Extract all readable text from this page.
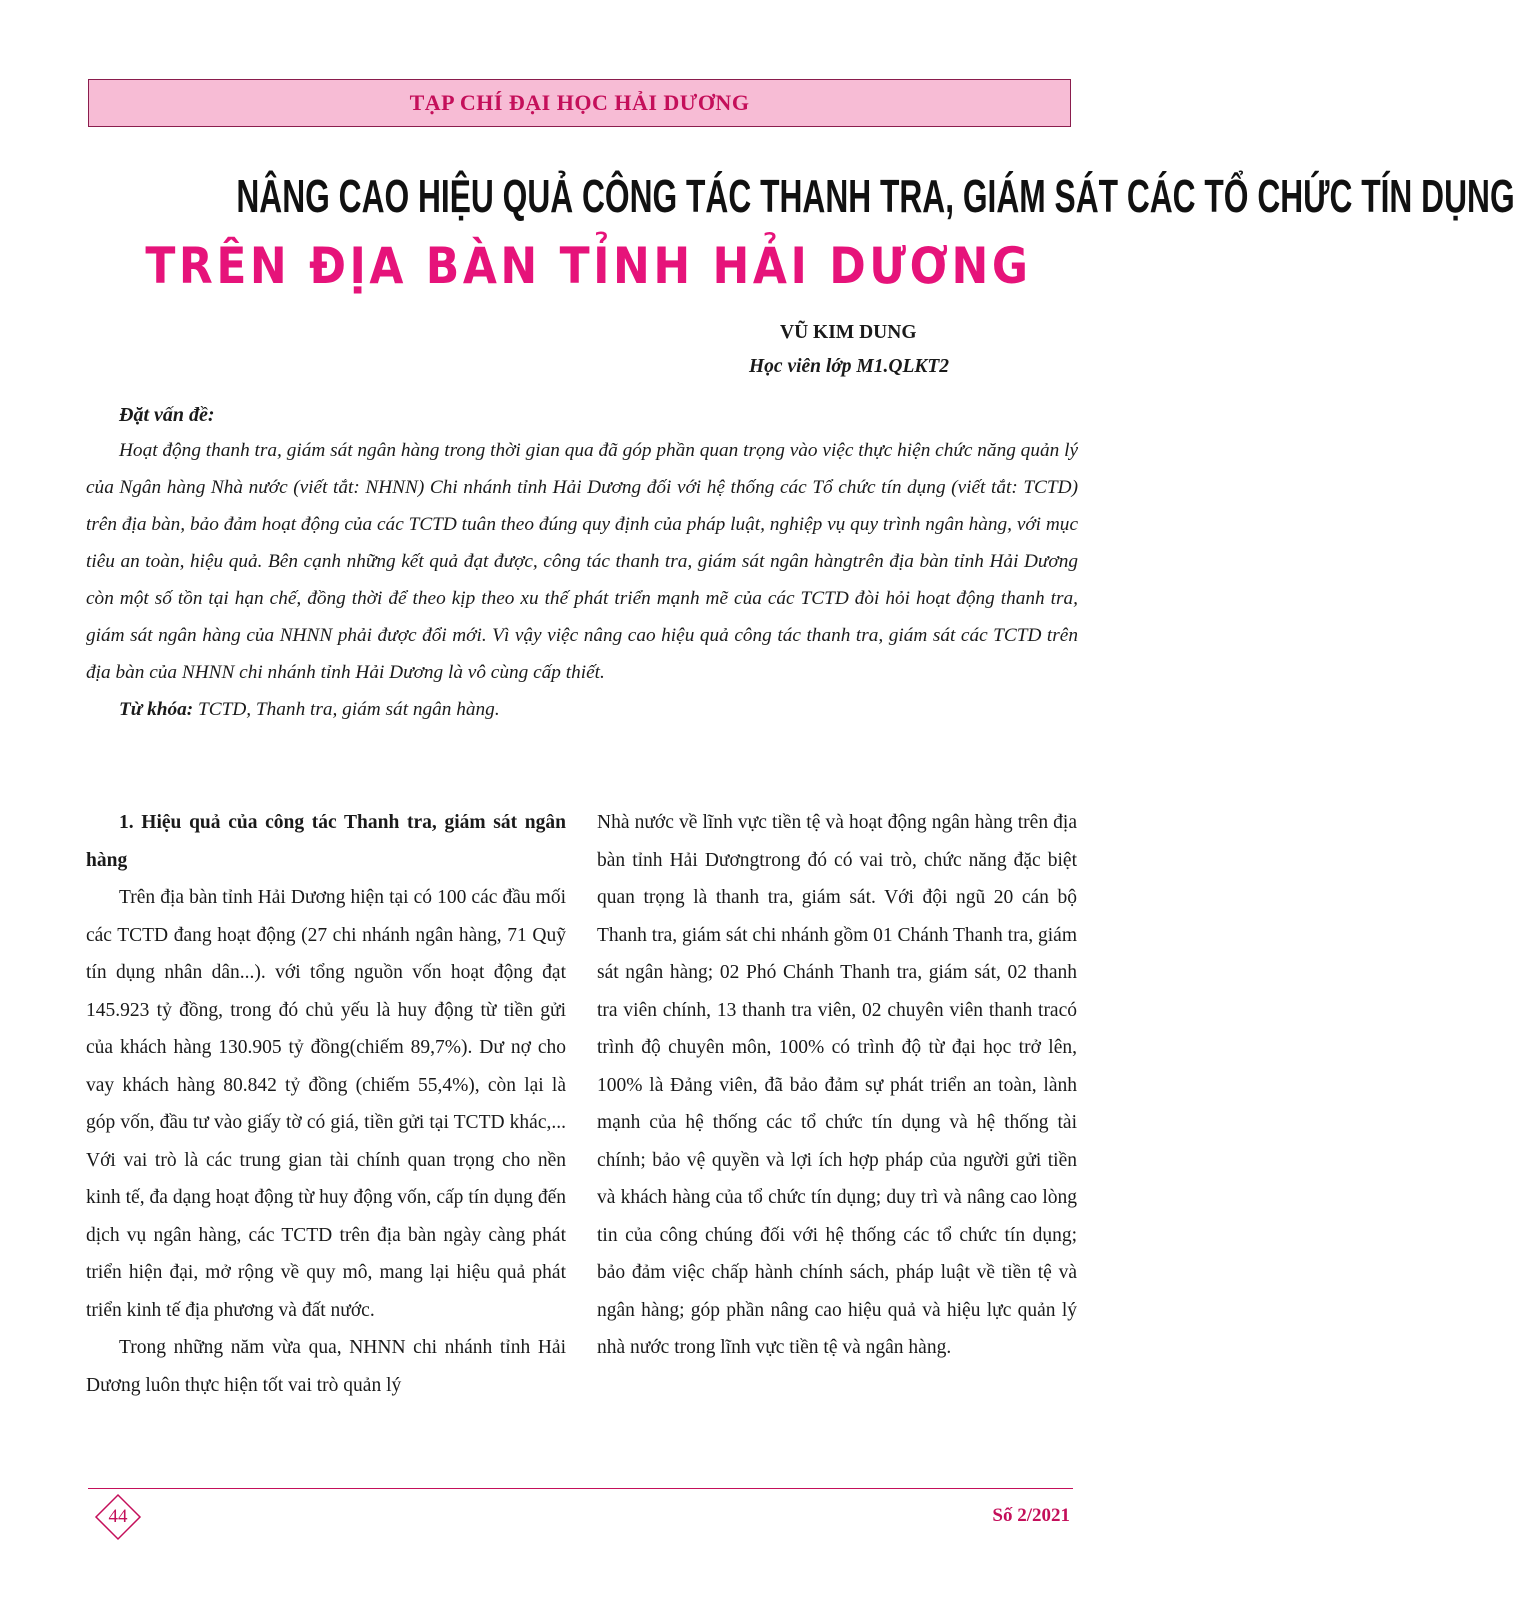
TẠP CHÍ ĐẠI HỌC HẢI DƯƠNG
NÂNG CAO HIỆU QUẢ CÔNG TÁC THANH TRA, GIÁM SÁT CÁC TỔ CHỨC TÍN DỤNG
TRÊN ĐỊA BÀN TỈNH HẢI DƯƠNG
VŨ KIM DUNG
Học viên lớp M1.QLKT2
Đặt vấn đề:

Hoạt động thanh tra, giám sát ngân hàng trong thời gian qua đã góp phần quan trọng vào việc thực hiện chức năng quản lý của Ngân hàng Nhà nước (viết tắt: NHNN) Chi nhánh tỉnh Hải Dương đối với hệ thống các Tổ chức tín dụng (viết tắt: TCTD) trên địa bàn, bảo đảm hoạt động của các TCTD tuân theo đúng quy định của pháp luật, nghiệp vụ quy trình ngân hàng, với mục tiêu an toàn, hiệu quả. Bên cạnh những kết quả đạt được, công tác thanh tra, giám sát ngân hàngtrên địa bàn tỉnh Hải Dương còn một số tồn tại hạn chế, đồng thời để theo kịp theo xu thế phát triển mạnh mẽ của các TCTD đòi hỏi hoạt động thanh tra, giám sát ngân hàng của NHNN phải được đổi mới. Vì vậy việc nâng cao hiệu quả công tác thanh tra, giám sát các TCTD trên địa bàn của NHNN chi nhánh tỉnh Hải Dương là vô cùng cấp thiết.

Từ khóa: TCTD, Thanh tra, giám sát ngân hàng.

1. Hiệu quả của công tác Thanh tra, giám sát ngân hàng

Trên địa bàn tỉnh Hải Dương hiện tại có 100 các đầu mối các TCTD đang hoạt động (27 chi nhánh ngân hàng, 71 Quỹ tín dụng nhân dân...). với tổng nguồn vốn hoạt động đạt 145.923 tỷ đồng, trong đó chủ yếu là huy động từ tiền gửi của khách hàng 130.905 tỷ đồng(chiếm 89,7%). Dư nợ cho vay khách hàng 80.842 tỷ đồng (chiếm 55,4%), còn lại là góp vốn, đầu tư vào giấy tờ có giá, tiền gửi tại TCTD khác,... Với vai trò là các trung gian tài chính quan trọng cho nền kinh tế, đa dạng hoạt động từ huy động vốn, cấp tín dụng đến dịch vụ ngân hàng, các TCTD trên địa bàn ngày càng phát triển hiện đại, mở rộng về quy mô, mang lại hiệu quả phát triển kinh tế địa phương và đất nước.

Trong những năm vừa qua, NHNN chi nhánh tỉnh Hải Dương luôn thực hiện tốt vai trò quản lý

Nhà nước về lĩnh vực tiền tệ và hoạt động ngân hàng trên địa bàn tỉnh Hải Dươngtrong đó có vai trò, chức năng đặc biệt quan trọng là thanh tra, giám sát. Với đội ngũ 20 cán bộ Thanh tra, giám sát chi nhánh gồm 01 Chánh Thanh tra, giám sát ngân hàng; 02 Phó Chánh Thanh tra, giám sát, 02 thanh tra viên chính, 13 thanh tra viên, 02 chuyên viên thanh tracó trình độ chuyên môn, 100% có trình độ từ đại học trở lên, 100% là Đảng viên, đã bảo đảm sự phát triển an toàn, lành mạnh của hệ thống các tổ chức tín dụng và hệ thống tài chính; bảo vệ quyền và lợi ích hợp pháp của người gửi tiền và khách hàng của tổ chức tín dụng; duy trì và nâng cao lòng tin của công chúng đối với hệ thống các tổ chức tín dụng; bảo đảm việc chấp hành chính sách, pháp luật về tiền tệ và ngân hàng; góp phần nâng cao hiệu quả và hiệu lực quản lý nhà nước trong lĩnh vực tiền tệ và ngân hàng.

44	Số 2/2021
